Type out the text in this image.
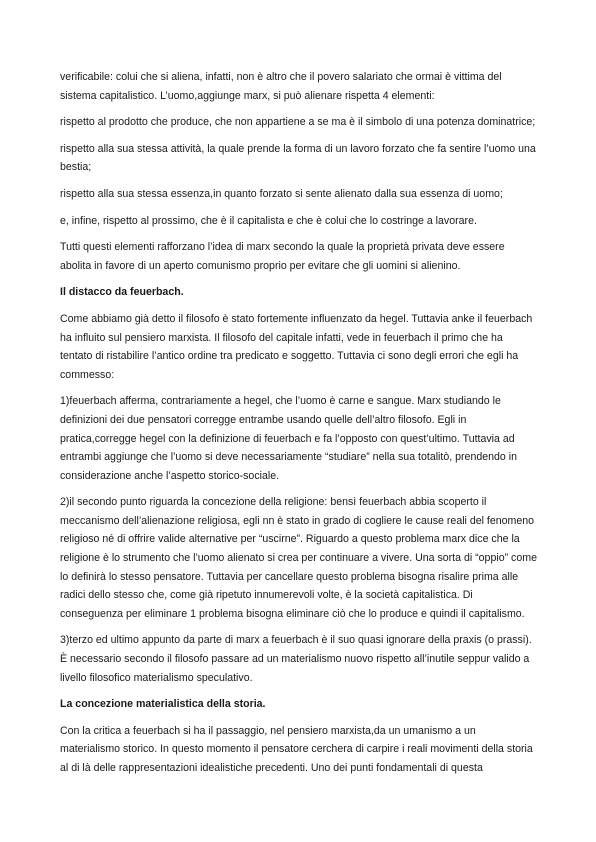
verificabile: colui che si aliena, infatti, non è altro che il povero salariato che ormai è vittima del sistema capitalistico. L’uomo,aggiunge marx, si può alienare rispetta 4 elementi:

rispetto al prodotto che produce, che non appartiene a se ma è il simbolo di una potenza dominatrice;

rispetto alla sua stessa attività, la quale prende la forma di un lavoro forzato che fa sentire l’uomo una bestia;

rispetto alla sua stessa essenza,in quanto forzato si sente alienato dalla sua essenza di uomo;

e, infine, rispetto al prossimo, che è il capitalista e che è colui che lo costringe a lavorare.

Tutti questi elementi rafforzano l’idea di marx secondo la quale la proprietà privata deve essere abolita in favore di un aperto comunismo proprio per evitare che gli uomini si alienino.

Il distacco da feuerbach.

Come abbiamo già detto il filosofo è stato fortemente influenzato da hegel. Tuttavia anke il feuerbach ha influito sul pensiero marxista. Il filosofo del capitale infatti, vede in feuerbach il primo che ha tentato di ristabilire l’antico ordine tra predicato e soggetto. Tuttavia ci sono degli errori che egli ha commesso:

1)feuerbach afferma, contrariamente a hegel, che l’uomo è carne e sangue. Marx studiando le definizioni dei due pensatori corregge entrambe usando quelle dell’altro filosofo. Egli in pratica,corregge hegel con la definizione di feuerbach e fa l’opposto con quest’ultimo. Tuttavia ad entrambi aggiunge che l’uomo si deve necessariamente “studiare” nella sua totalitò, prendendo in considerazione anche l’aspetto storico-sociale.

2)il secondo punto riguarda la concezione della religione: bensì feuerbach abbia scoperto il meccanismo dell’alienazione religiosa, egli nn è stato in grado di cogliere le cause reali del fenomeno religioso né di offrire valide alternative per “uscirne”. Riguardo a questo problema marx dice che la religione è lo strumento che l’uomo alienato si crea per continuare a vivere. Una sorta di “oppio” come lo definirà lo stesso pensatore. Tuttavia per cancellare questo problema bisogna risalire prima alle radici dello stesso che, come già ripetuto innumerevoli volte, è la società capitalistica. Di conseguenza per eliminare 1 problema bisogna eliminare ciò che lo produce e quindi il capitalismo.

3)terzo ed ultimo appunto da parte di marx a feuerbach è il suo quasi ignorare della praxis (o prassi). È necessario secondo il filosofo passare ad un materialismo nuovo rispetto all’inutile seppur valido a livello filosofico materialismo speculativo.

La concezione materialistica della storia.

Con la critica a feuerbach si ha il passaggio, nel pensiero marxista,da un umanismo a un materialismo storico. In questo momento il pensatore cerchera di carpire i reali movimenti della storia al di là delle rappresentazioni idealistiche precedenti. Uno dei punti fondamentali di questa
